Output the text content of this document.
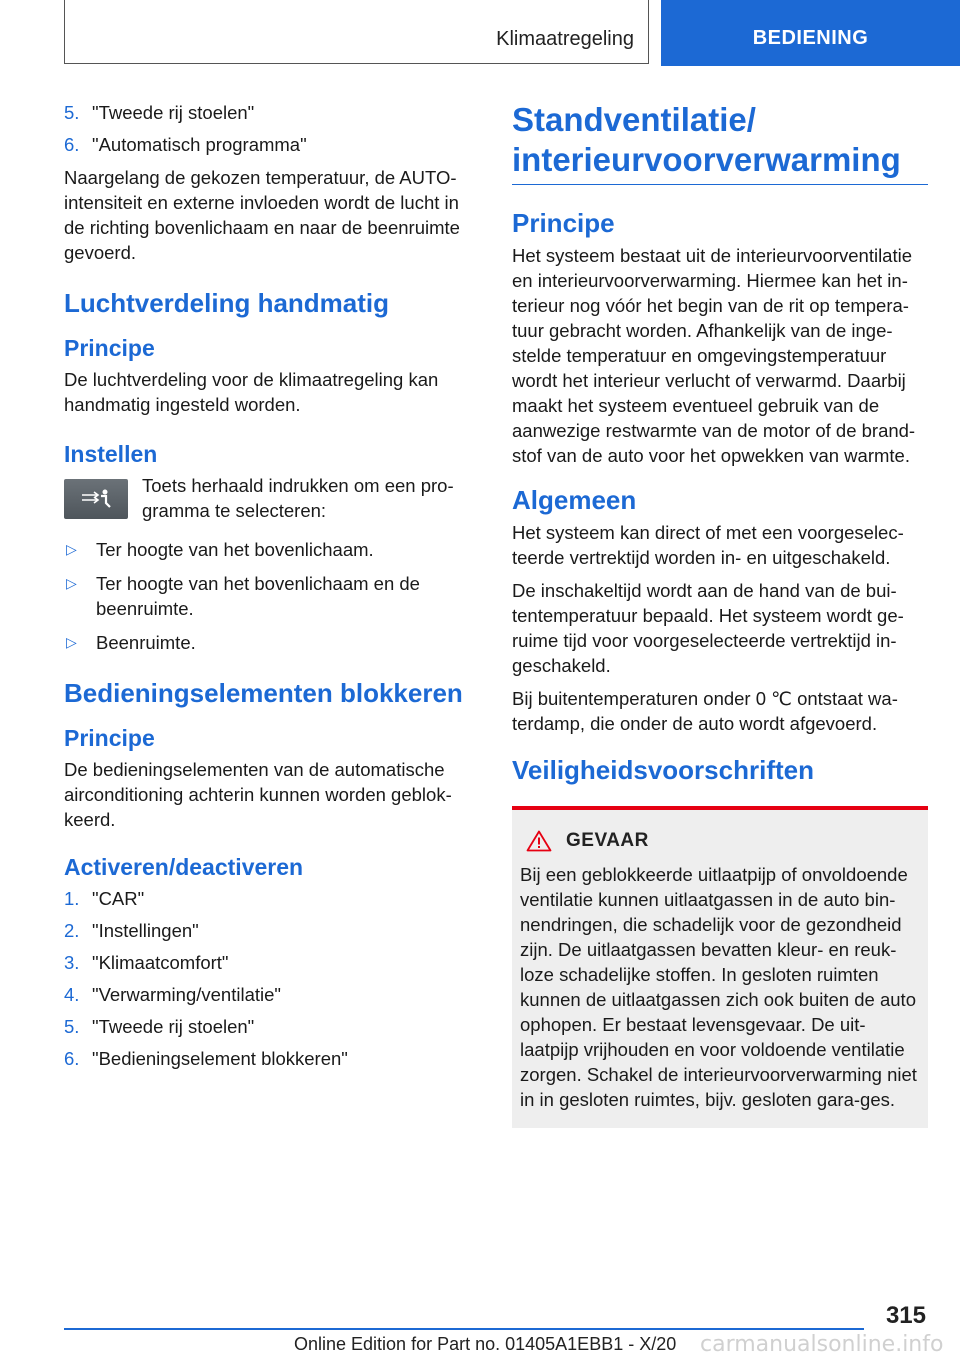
Klimaatregeling	BEDIENING
5. "Tweede rij stoelen"
6. "Automatisch programma"

Naargelang de gekozen temperatuur, de AUTO-intensiteit en externe invloeden wordt de lucht in de richting bovenlichaam en naar de beenruimte gevoerd.

Luchtverdeling handmatig
Principe

De luchtverdeling voor de klimaatregeling kan handmatig ingesteld worden.

Instellen
Toets herhaald indrukken om een pro-gramma te selecteren:
▷	Ter hoogte van het bovenlichaam.
▷	Ter hoogte van het bovenlichaam en de beenruimte.
▷	Beenruimte.
Bedieningselementen blokkeren
Principe

De bedieningselementen van de automatische airconditioning achterin kunnen worden geblok-keerd.

Activeren/deactiveren
1. "CAR"
2. "Instellingen"
3. "Klimaatcomfort"
4. "Verwarming/ventilatie"
5. "Tweede rij stoelen"
6. "Bedieningselement blokkeren"
Standventilatie/ interieurvoorverwarming
Principe

Het systeem bestaat uit de interieurvoorventilatie en interieurvoorverwarming. Hiermee kan het in-terieur nog vóór het begin van de rit op tempera-tuur gebracht worden. Afhankelijk van de inge-stelde temperatuur en omgevingstemperatuur wordt het interieur verlucht of verwarmd. Daarbij maakt het systeem eventueel gebruik van de aanwezige restwarmte van de motor of de brand-stof van de auto voor het opwekken van warmte.

Algemeen

Het systeem kan direct of met een voorgeselec-teerde vertrektijd worden in- en uitgeschakeld.

De inschakeltijd wordt aan de hand van de bui-tentemperatuur bepaald. Het systeem wordt ge-ruime tijd voor voorgeselecteerde vertrektijd in-geschakeld.

Bij buitentemperaturen onder 0 ℃ ontstaat wa-terdamp, die onder de auto wordt afgevoerd.

Veiligheidsvoorschriften
GEVAAR

Bij een geblokkeerde uitlaatpijp of onvoldoende ventilatie kunnen uitlaatgassen in de auto bin-nendringen, die schadelijk voor de gezondheid zijn. De uitlaatgassen bevatten kleur- en reuk-loze schadelijke stoffen. In gesloten ruimten kunnen de uitlaatgassen zich ook buiten de auto ophopen. Er bestaat levensgevaar. De uit-laatpijp vrijhouden en voor voldoende ventilatie zorgen. Schakel de interieurvoorverwarming niet in in gesloten ruimtes, bijv. gesloten gara-ges.

315
Online Edition for Part no. 01405A1EBB1 - X/20 carmanualsonline.info
